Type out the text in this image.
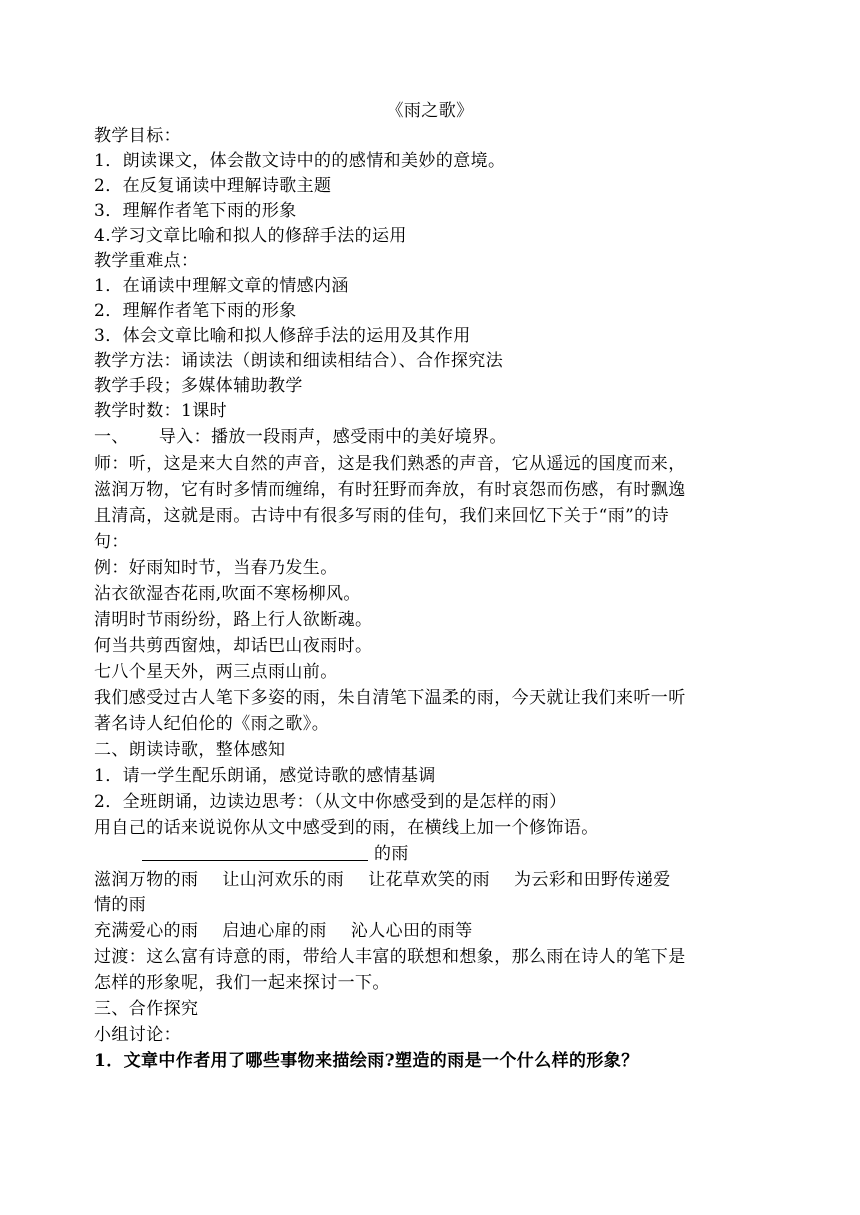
《雨之歌》
教学目标：
1．朗读课文，体会散文诗中的的感情和美妙的意境。
2．在反复诵读中理解诗歌主题
3．理解作者笔下雨的形象
4.学习文章比喻和拟人的修辞手法的运用
教学重难点：
1．在诵读中理解文章的情感内涵
2．理解作者笔下雨的形象
3．体会文章比喻和拟人修辞手法的运用及其作用
教学方法：诵读法（朗读和细读相结合）、合作探究法
教学手段；多媒体辅助教学
教学时数：1课时
一、 导入：播放一段雨声，感受雨中的美好境界。
师：听，这是来大自然的声音，这是我们熟悉的声音，它从遥远的国度而来，
滋润万物，它有时多情而缠绵，有时狂野而奔放，有时哀怨而伤感，有时飘逸
且清高，这就是雨。古诗中有很多写雨的佳句，我们来回忆下关于“雨”的诗
句：
例：好雨知时节，当春乃发生。
沾衣欲湿杏花雨,吹面不寒杨柳风。
清明时节雨纷纷，路上行人欲断魂。
何当共剪西窗烛，却话巴山夜雨时。
七八个星天外，两三点雨山前。
我们感受过古人笔下多姿的雨，朱自清笔下温柔的雨，今天就让我们来听一听
著名诗人纪伯伦的《雨之歌》。
二、朗读诗歌，整体感知
1．请一学生配乐朗诵，感觉诗歌的感情基调
2．全班朗诵，边读边思考：（从文中你感受到的是怎样的雨）
用自己的话来说说你从文中感受到的雨，在横线上加一个修饰语。
的雨
滋润万物的雨 让山河欢乐的雨 让花草欢笑的雨 为云彩和田野传递爱
情的雨
充满爱心的雨 启迪心扉的雨 沁人心田的雨等
过渡：这么富有诗意的雨，带给人丰富的联想和想象，那么雨在诗人的笔下是
怎样的形象呢，我们一起来探讨一下。
三、合作探究
小组讨论：
1．文章中作者用了哪些事物来描绘雨?塑造的雨是一个什么样的形象？
